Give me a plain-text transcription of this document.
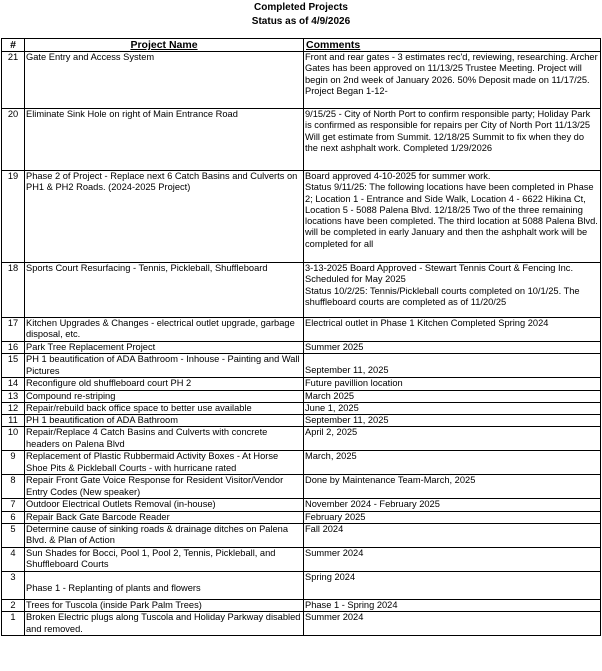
Completed Projects
Status as of 4/9/2026
#	Project Name	Comments
21	Gate Entry and Access System	Front and rear gates - 3 estimates rec'd, reviewing, researching. Archer Gates has been approved on 11/13/25 Trustee Meeting. Project will begin on 2nd week of January 2026. 50% Deposit made on 11/17/25. Project Began 1-12-

20	Eliminate Sink Hole on right of Main Entrance Road	9/15/25 - City of North Port to confirm responsible party; Holiday Park is confirmed as responsible for repairs per City of North Port 11/13/25 Will get estimate from Summit. 12/18/25 Summit to fix when they do the next ashphalt work. Completed 1/29/2026

19	Phase 2 of Project - Replace next 6 Catch Basins and Culverts on PH1 & PH2 Roads. (2024-2025 Project)	Board approved 4-10-2025 for summer work.
Status 9/11/25: The following locations have been completed in Phase 2; Location 1 - Entrance and Side Walk, Location 4 - 6622 Hikina Ct, Location 5 - 5088 Palena Blvd. 12/18/25 Two of the three remaining locations have been completed. The third location at 5088 Palena Blvd. will be completed in early January and then the ashphalt work will be completed for all

18	Sports Court Resurfacing - Tennis, Pickleball, Shuffleboard	3-13-2025 Board Approved - Stewart Tennis Court & Fencing Inc. Scheduled for May 2025
Status 10/2/25: Tennis/Pickleball courts completed on 10/1/25. The shuffleboard courts are completed as of 11/20/25

17	Kitchen Upgrades & Changes - electrical outlet upgrade, garbage disposal, etc.	Electrical outlet in Phase 1 Kitchen Completed Spring 2024
16	Park Tree Replacement Project	Summer 2025
15	PH 1 beautification of ADA Bathroom - Inhouse - Painting and Wall Pictures	September 11, 2025
14	Reconfigure old shuffleboard court PH 2	Future pavillion location
13	Compound re-striping	March 2025
12	Repair/rebuild back office space to better use available	June 1, 2025
11	PH 1 beautification of ADA Bathroom	September 11, 2025
10	Repair/Replace 4 Catch Basins and Culverts with concrete headers on Palena Blvd	April 2, 2025
9	Replacement of Plastic Rubbermaid Activity Boxes - At Horse Shoe Pits & Pickleball Courts - with hurricane rated	March, 2025
8	Repair Front Gate Voice Response for Resident Visitor/Vendor Entry Codes (New speaker)	Done by Maintenance Team-March, 2025
7	Outdoor Electrical Outlets Removal (in-house)	November 2024 - February 2025
6	Repair Back Gate Barcode Reader	February 2025
5	Determine cause of sinking roads & drainage ditches on Palena Blvd. & Plan of Action	Fall 2024
4	Sun Shades for Bocci, Pool 1, Pool 2, Tennis, Pickleball, and Shuffleboard Courts	Summer 2024
3	Phase 1 - Replanting of plants and flowers	Spring 2024
2	Trees for Tuscola (inside Park Palm Trees)	Phase 1 - Spring 2024
1	Broken Electric plugs along Tuscola and Holiday Parkway disabled and removed.	Summer 2024
